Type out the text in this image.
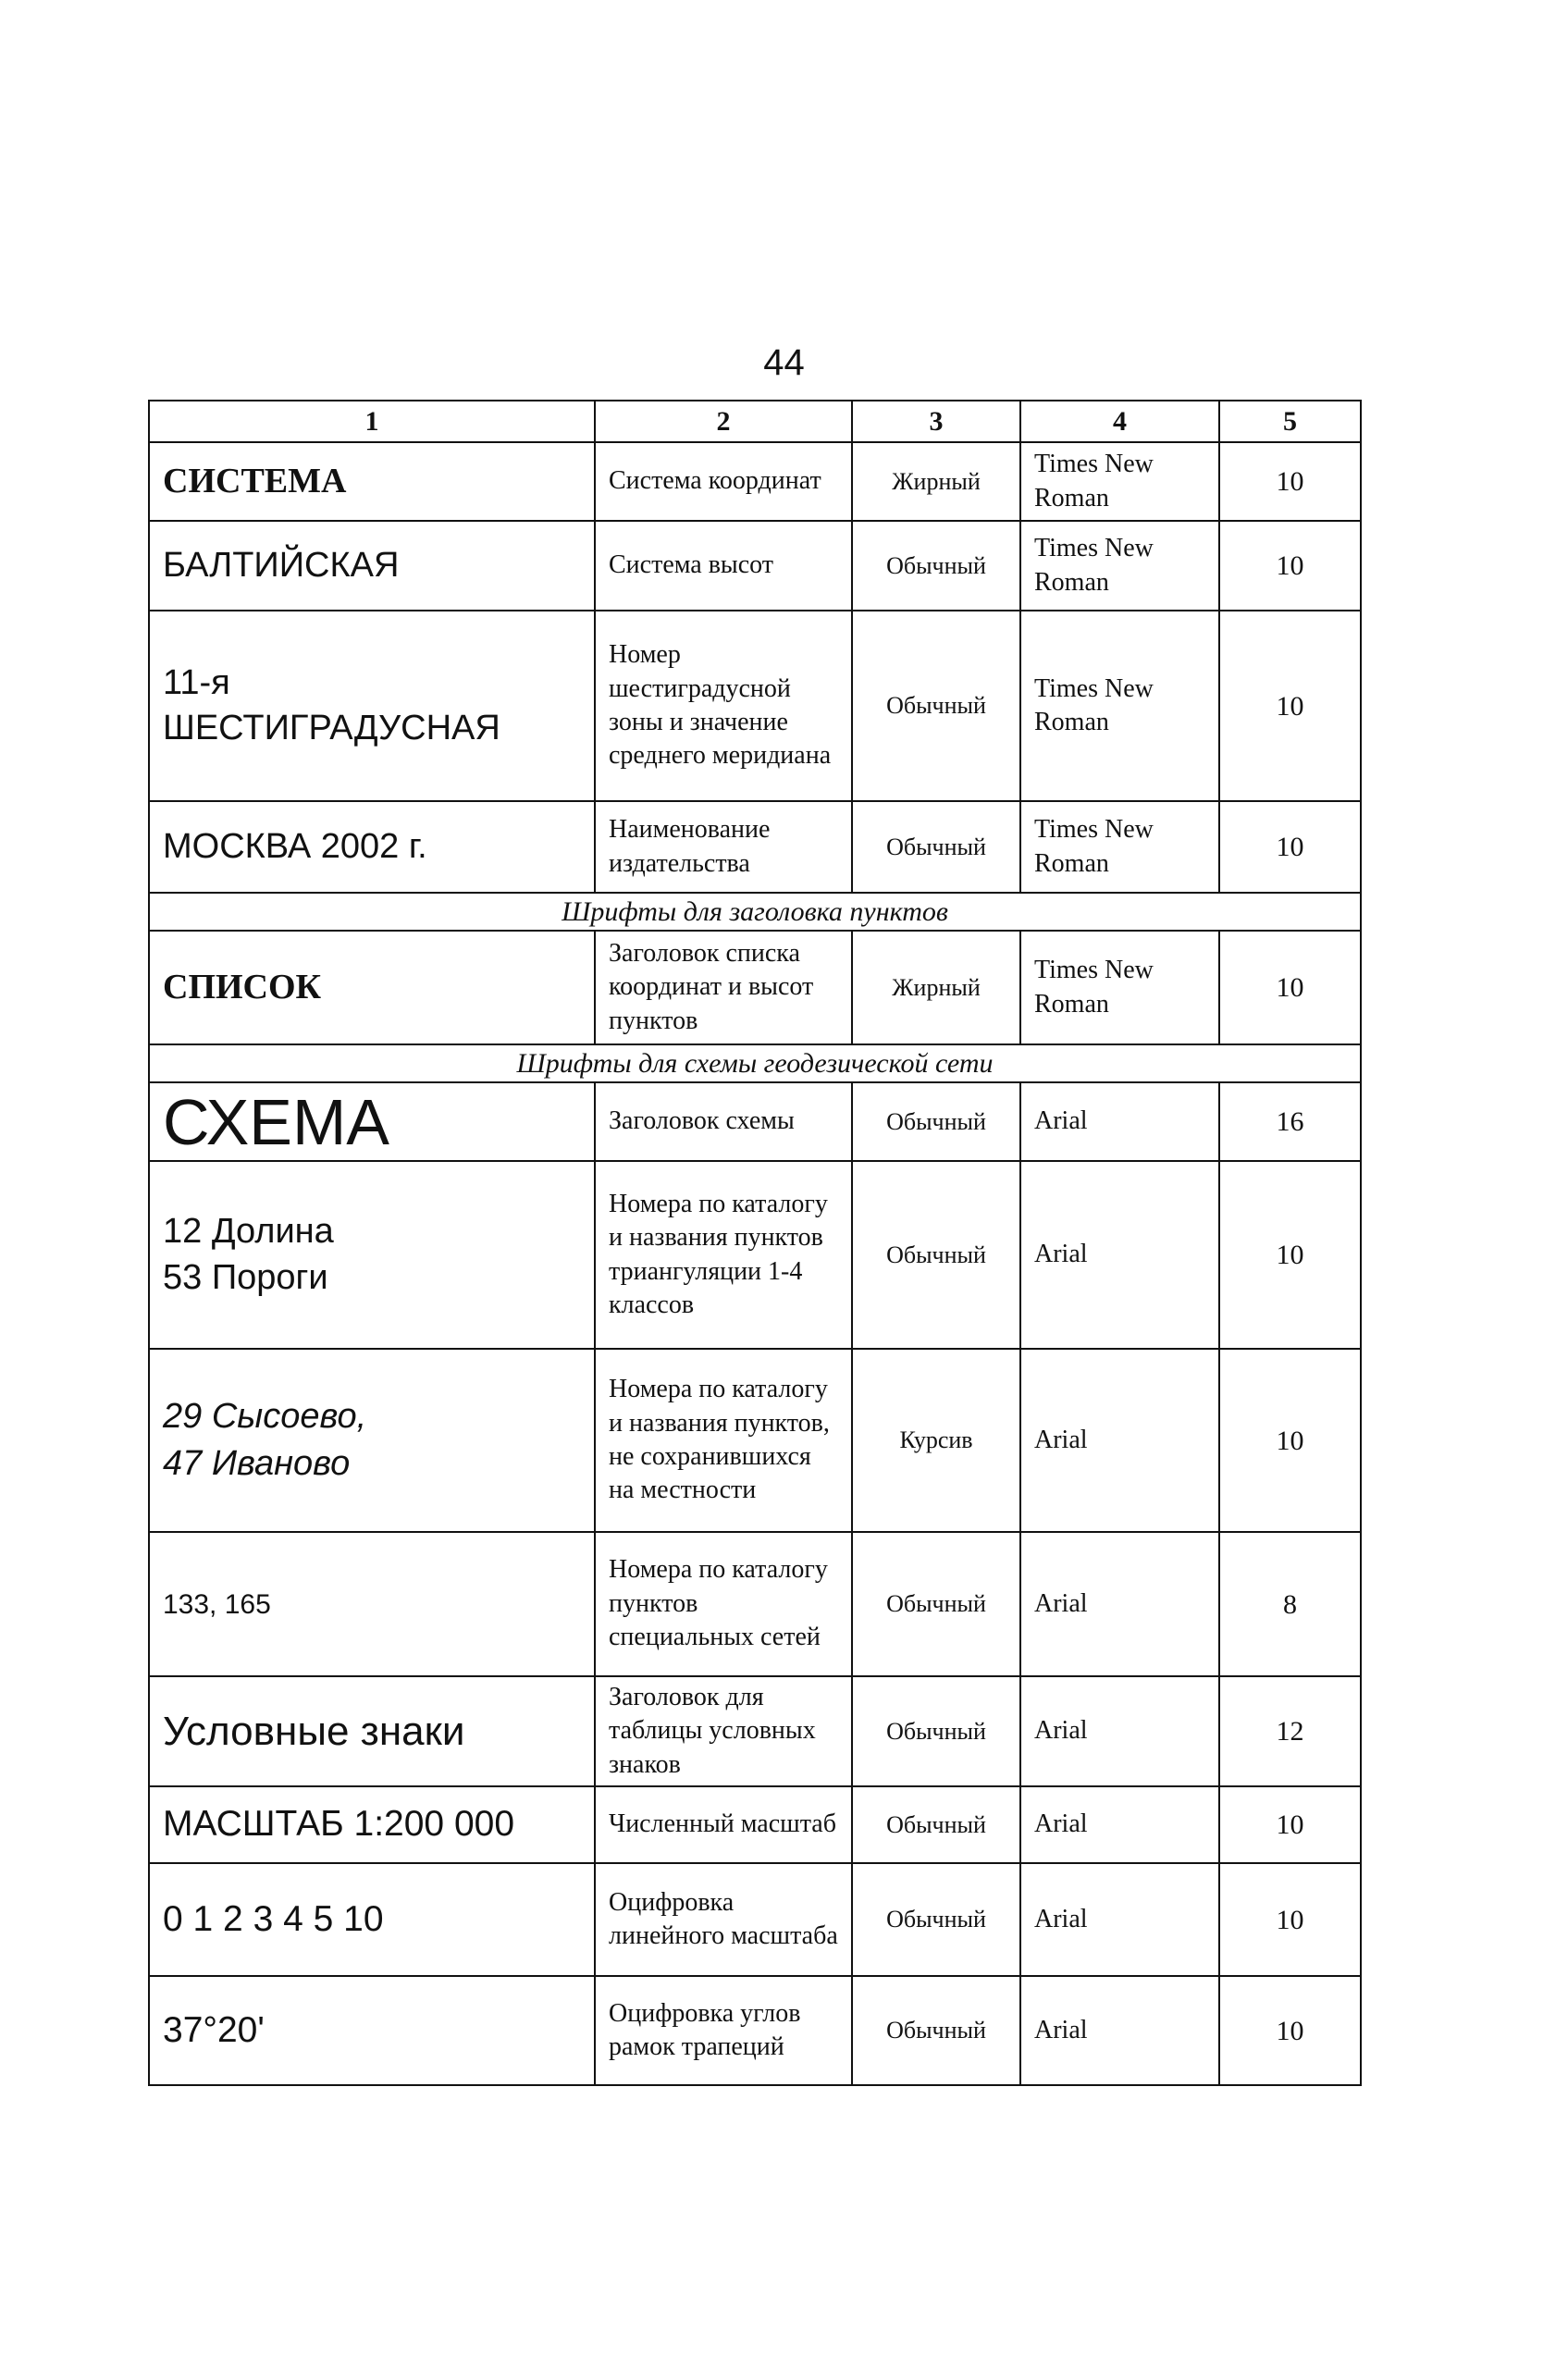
44
1	2	3	4	5
СИСТЕМА	Система координат	Жирный	Times New Roman	10
БАЛТИЙСКАЯ	Система высот	Обычный	Times New Roman	10

11-я
ШЕСТИГРАДУСНАЯ	Номер шестиградусной зоны и значение среднего меридиана	Обычный	Times New Roman	10
МОСКВА 2002 г.	Наименование издательства	Обычный	Times New Roman	10
Шрифты для заголовка пунктов				
СПИСОК	Заголовок списка координат и высот пунктов	Жирный	Times New Roman	10
Шрифты для схемы геодезической сети				
СХЕМА	Заголовок схемы	Обычный	Arial	16

12 Долина
53 Пороги	Номера по каталогу и названия пунктов триангуляции 1-4 классов	Обычный	Arial	10

29 Сысоево,
47 Иваново	Номера по каталогу и названия пунктов, не сохранившихся на местности	Курсив	Arial	10
133, 165	Номера по каталогу пунктов специальных сетей	Обычный	Arial	8
Условные знаки	Заголовок для таблицы условных знаков	Обычный	Arial	12
МАСШТАБ 1:200 000	Численный масштаб	Обычный	Arial	10
0 1 2 3 4 5 10	Оцифровка линейного масштаба	Обычный	Arial	10
37°20'	Оцифровка углов рамок трапеций	Обычный	Arial	10
